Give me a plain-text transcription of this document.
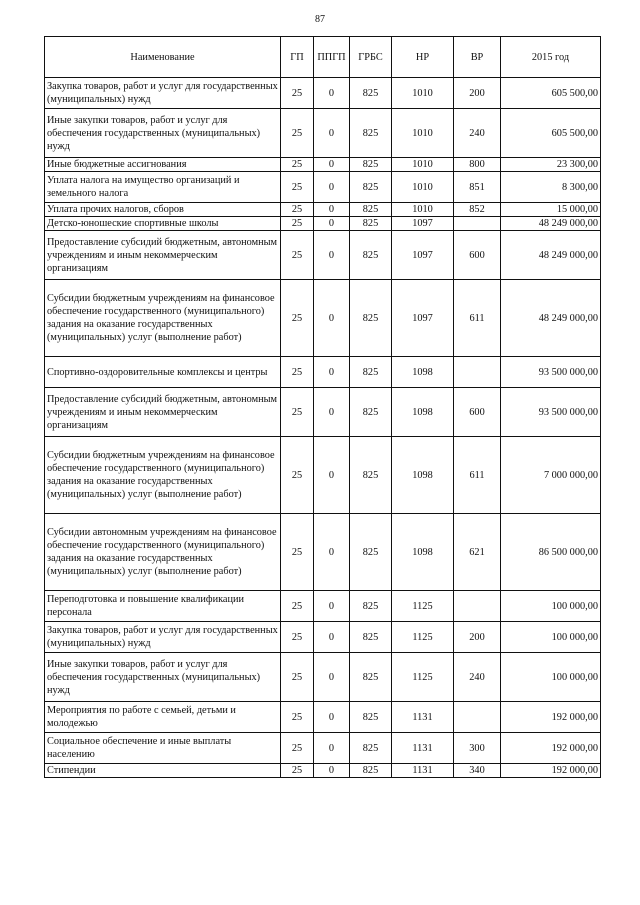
87
Наименование	ГП	ППГП	ГРБС	НР	ВР	2015 год
Закупка товаров, работ и услуг для государственных (муниципальных) нужд	25	0	825	1010	200	605 500,00
Иные закупки товаров, работ и услуг для обеспечения государственных (муниципальных) нужд	25	0	825	1010	240	605 500,00
Иные бюджетные ассигнования	25	0	825	1010	800	23 300,00
Уплата налога на имущество организаций и земельного налога	25	0	825	1010	851	8 300,00
Уплата прочих налогов, сборов	25	0	825	1010	852	15 000,00
Детско-юношеские спортивные школы	25	0	825	1097		48 249 000,00
Предоставление субсидий бюджетным, автономным учреждениям и иным некоммерческим организациям	25	0	825	1097	600	48 249 000,00
Субсидии бюджетным учреждениям на финансовое обеспечение государственного (муниципального) задания на оказание государственных (муниципальных) услуг (выполнение работ)	25	0	825	1097	611	48 249 000,00
Спортивно-оздоровительные комплексы и центры	25	0	825	1098		93 500 000,00
Предоставление субсидий бюджетным, автономным учреждениям и иным некоммерческим организациям	25	0	825	1098	600	93 500 000,00
Субсидии бюджетным учреждениям на финансовое обеспечение государственного (муниципального) задания на оказание государственных (муниципальных) услуг (выполнение работ)	25	0	825	1098	611	7 000 000,00
Субсидии автономным учреждениям на финансовое обеспечение государственного (муниципального) задания на оказание государственных (муниципальных) услуг (выполнение работ)	25	0	825	1098	621	86 500 000,00
Переподготовка и повышение квалификации персонала	25	0	825	1125		100 000,00
Закупка товаров, работ и услуг для государственных (муниципальных) нужд	25	0	825	1125	200	100 000,00
Иные закупки товаров, работ и услуг для обеспечения государственных (муниципальных) нужд	25	0	825	1125	240	100 000,00
Мероприятия по работе с семьей, детьми и молодежью	25	0	825	1131		192 000,00
Социальное обеспечение и иные выплаты населению	25	0	825	1131	300	192 000,00
Стипендии	25	0	825	1131	340	192 000,00
